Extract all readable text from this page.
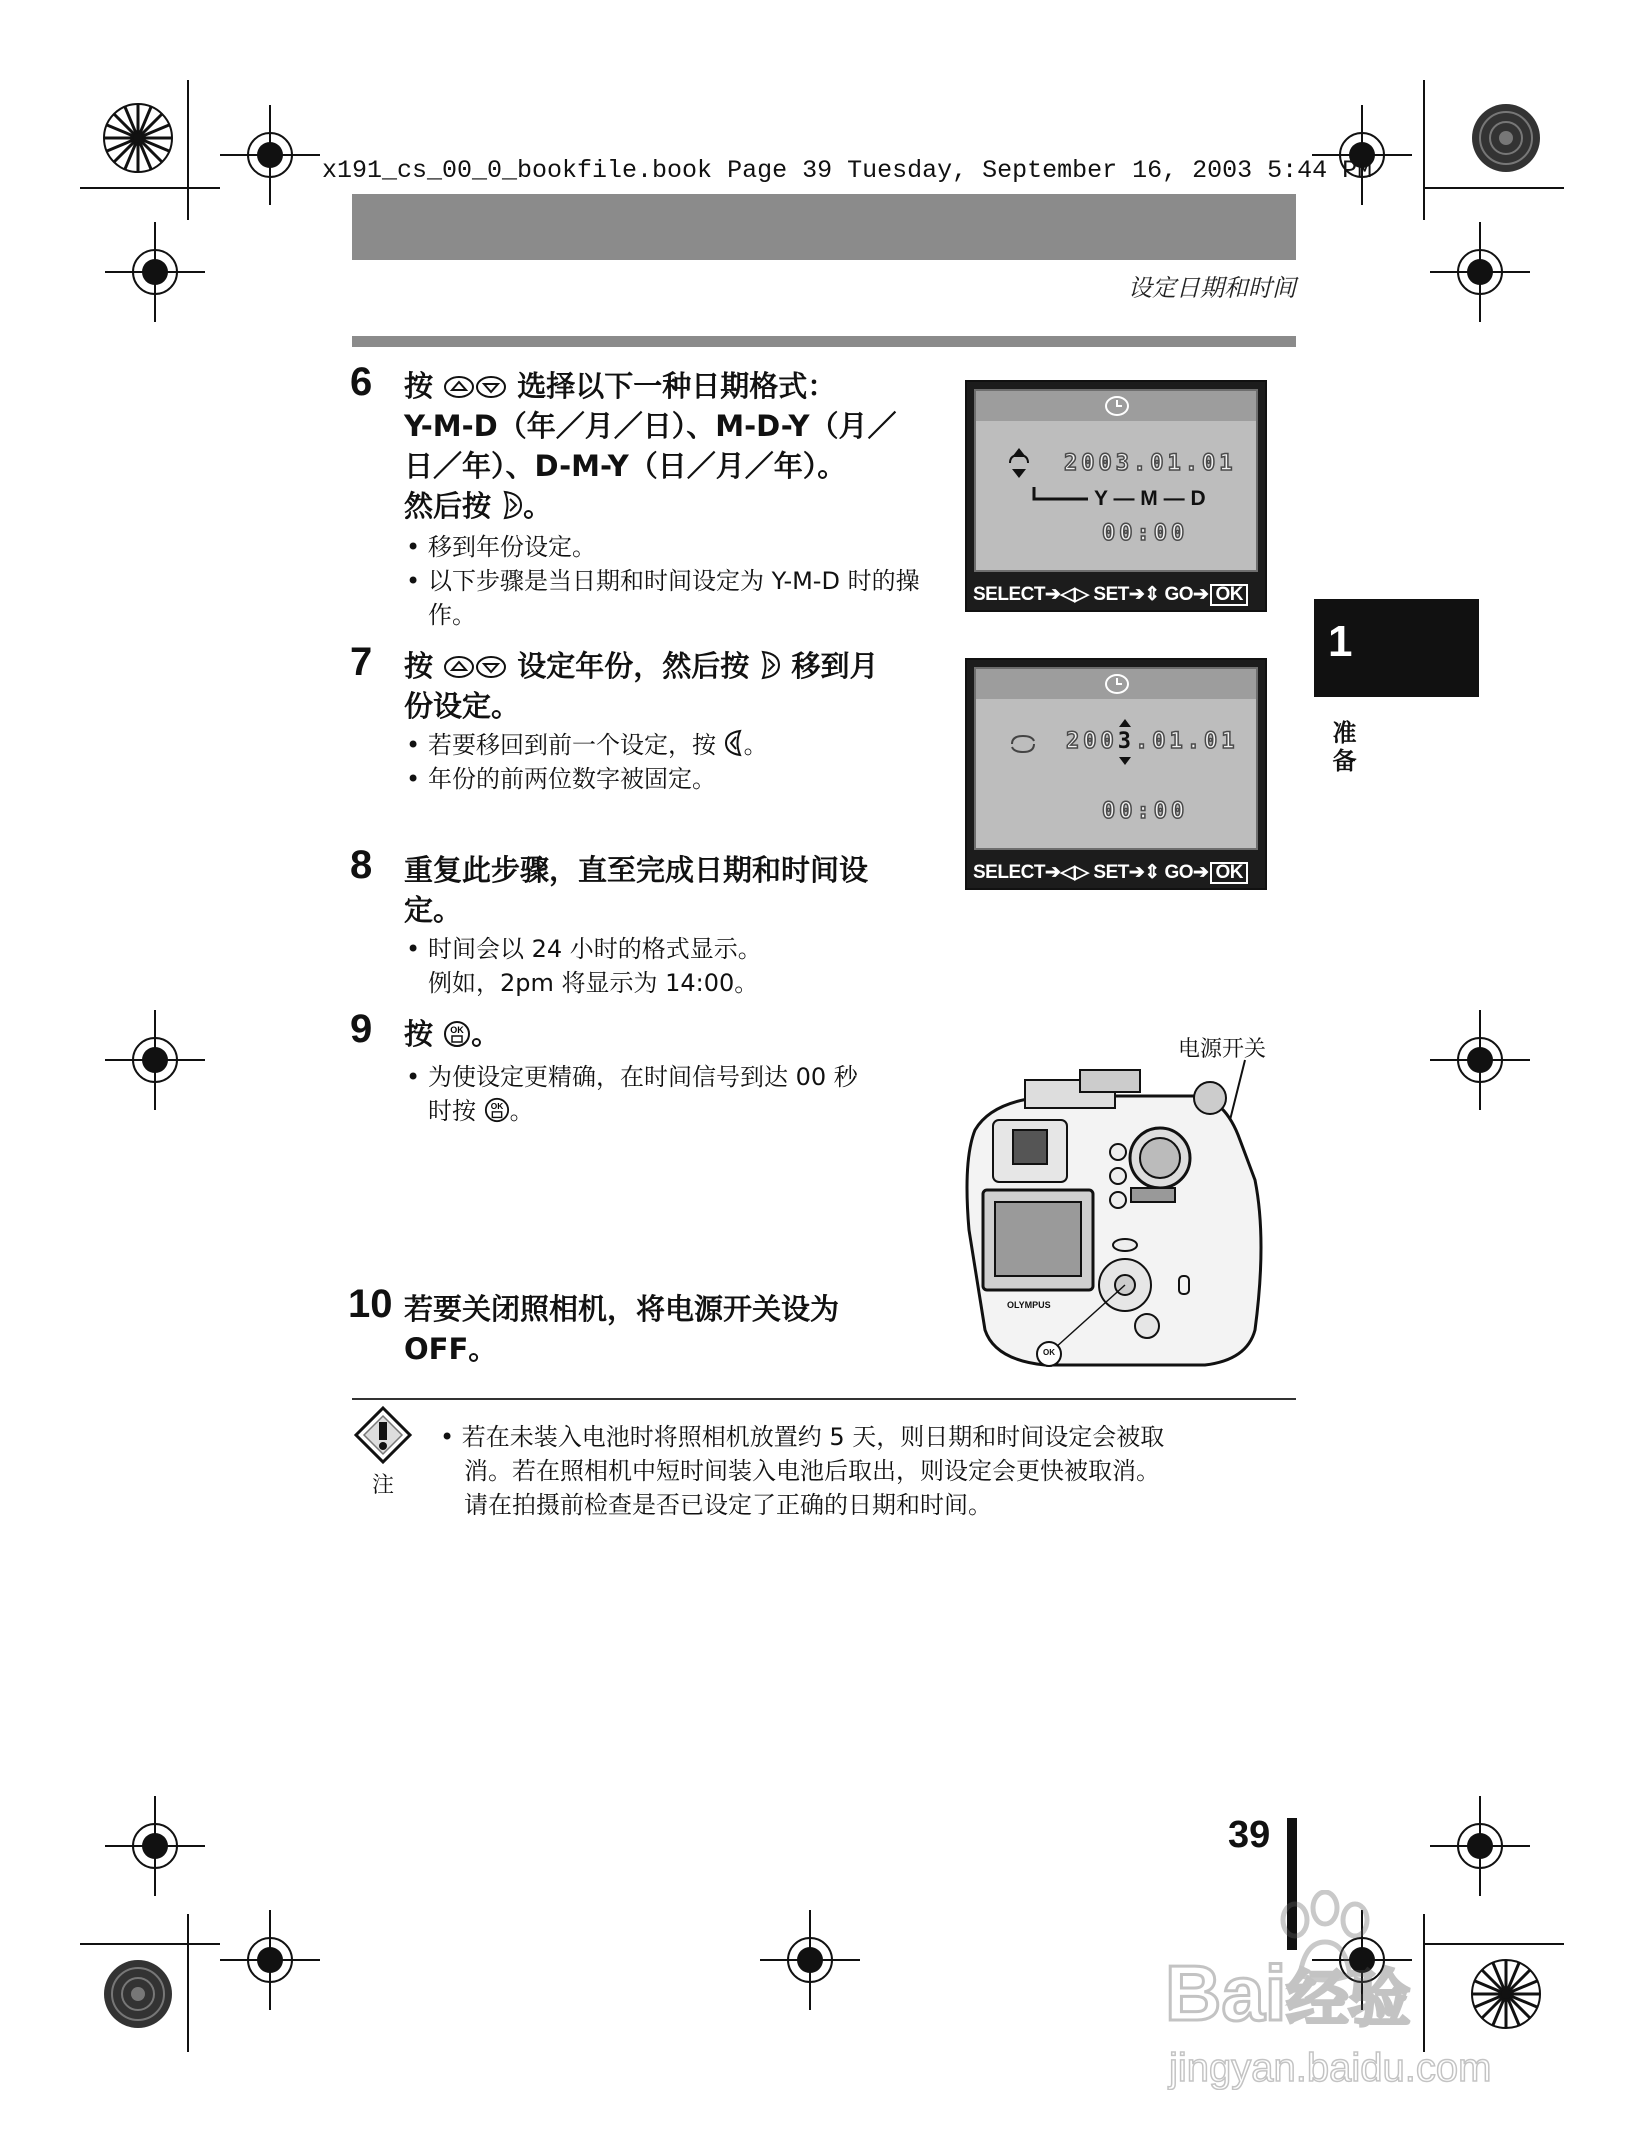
x191_cs_00_0_bookfile.book Page 39 Tuesday, September 16, 2003 5:44 PM
设定日期和时间
6 按	选择以下一种日期格式：
Y-M-D（年／月／日）、M-D-Y（月／
日／年）、D-M-Y（日／月／年）。
然后按 。
• 移到年份设定。
• 以下步骤是当日期和时间设定为 Y-M-D 时的操作。
2003.01.01
Y — M — D
00:00
SELECT➔◁▷ SET➔⇕ GO➔ OK
7 按	设定年份，然后按 移到月
份设定。
• 若要移回到前一个设定，按 。
• 年份的前两位数字被固定。
2003.01.01
00:00
SELECT➔◁▷ SET➔⇕ GO➔ OK
8 重复此步骤，直至完成日期和时间设
定。
• 时间会以 24 小时的格式显示。
例如，2pm 将显示为 14:00。
9 按 OK 。
• 为使设定更精确，在时间信号到达 00 秒
时按 OK 。
电源开关
OLYMPUS
OK
10 若要关闭照相机，将电源开关设为
OFF。
1
准备
注
• 若在未装入电池时将照相机放置约 5 天，则日期和时间设定会被取
消。若在照相机中短时间装入电池后取出，则设定会更快被取消。
请在拍摄前检查是否已设定了正确的日期和时间。
39
Bai经验
jingyan.baidu.com
